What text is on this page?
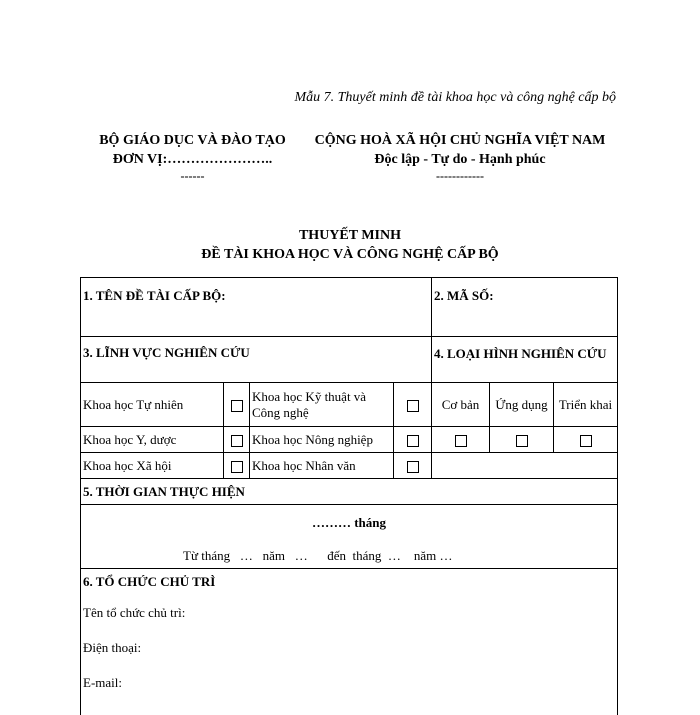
Mẫu 7. Thuyết minh đề tài khoa học và công nghệ cấp bộ
BỘ GIÁO DỤC VÀ ĐÀO TẠO
ĐƠN VỊ:…………………..
------
CỘNG HOÀ XÃ HỘI CHỦ NGHĨA VIỆT NAM
Độc lập - Tự do - Hạnh phúc
------------
THUYẾT MINH
ĐỀ TÀI KHOA HỌC VÀ CÔNG NGHỆ CẤP BỘ
1. TÊN ĐỀ TÀI CẤP BỘ:				2. MÃ SỐ:		
3. LĨNH VỰC NGHIÊN CỨU				4. LOẠI HÌNH NGHIÊN CỨU		
Khoa học Tự nhiên		Khoa học Kỹ thuật và Công nghệ		Cơ bản	Ứng dụng	Triển khai
Khoa học Y, dược		Khoa học Nông nghiệp				
Khoa học Xã hội		Khoa học Nhân văn				
5. THỜI GIAN THỰC HIỆN						

……… tháng
Từ tháng   …   năm   …      đến  tháng  …    năm …						

6. TỔ CHỨC CHỦ TRÌ						

Tên tổ chức chủ trì:
Điện thoại:
E-mail:						
